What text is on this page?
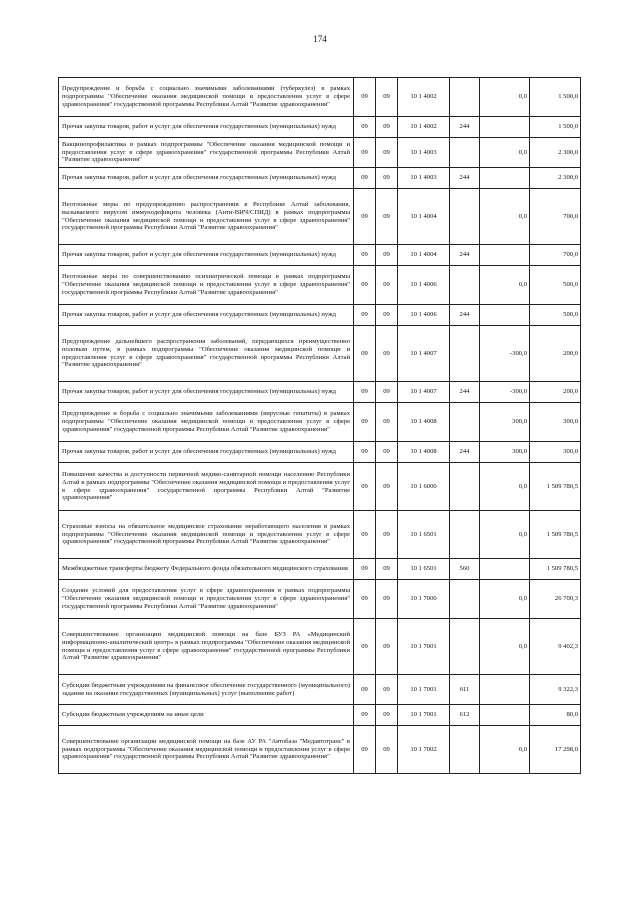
174
Предупреждение и борьба с социально значимыми заболеваниями (туберкулез) в рамках подпрограммы "Обеспечение оказания медицинской помощи и предоставления услуг в сфере здравоохранения" государственной программы Республики Алтай "Развитие здравоохранения"	09	09	10 1 4002		0,0	1 500,0
Прочая закупка товаров, работ и услуг для обеспечения государственных (муниципальных) нужд	09	09	10 1 4002	244		1 500,0
Вакцинопрофилактика в рамках подпрограммы "Обеспечение оказания медицинской помощи и предоставления услуг в сфере здравоохранения" государственной программы Республики Алтай "Развитие здравоохранения"	09	09	10 1 4003		0,0	2 300,0
Прочая закупка товаров, работ и услуг для обеспечения государственных (муниципальных) нужд	09	09	10 1 4003	244		2 300,0
Неотложные меры по предупреждению распространения в Республике Алтай заболевания, вызываемого вирусом иммунодефицита человека (Анти-ВИЧ/СПИД) в рамках подпрограммы "Обеспечение оказания медицинской помощи и предоставления услуг в сфере здравоохранения" государственной программы Республики Алтай "Развитие здравоохранения"	09	09	10 1 4004		0,0	700,0
Прочая закупка товаров, работ и услуг для обеспечения государственных (муниципальных) нужд	09	09	10 1 4004	244		700,0
Неотложные меры по совершенствованию психиатрической помощи в рамках подпрограммы "Обеспечение оказания медицинской помощи и предоставления услуг в сфере здравоохранения" государственной программы Республики Алтай "Развитие здравоохранения"	09	09	10 1 4006		0,0	500,0
Прочая закупка товаров, работ и услуг для обеспечения государственных (муниципальных) нужд	09	09	10 1 4006	244		500,0
Предупреждение дальнейшего распространения заболеваний, передающихся преимущественно половым путем, в рамках подпрограммы "Обеспечение оказания медицинской помощи и предоставления услуг в сфере здравоохранения" государственной программы Республики Алтай "Развитие здравоохранения"	09	09	10 1 4007		-300,0	200,0
Прочая закупка товаров, работ и услуг для обеспечения государственных (муниципальных) нужд	09	09	10 1 4007	244	-300,0	200,0
Предупреждение и борьба с социально значимыми заболеваниями (вирусные гепатиты) в рамках подпрограммы "Обеспечение оказания медицинской помощи и предоставления услуг в сфере здравоохранения" государственной программы Республики Алтай "Развитие здравоохранения"	09	09	10 1 4008		300,0	300,0
Прочая закупка товаров, работ и услуг для обеспечения государственных (муниципальных) нужд	09	09	10 1 4008	244	300,0	300,0
Повышение качества и доступности первичной медико-санитарной помощи населению Республики Алтай в рамках подпрограммы "Обеспечение оказания медицинской помощи и предоставления услуг в сфере здравоохранения" государственной программы Республики Алтай "Развитие здравоохранения"	09	09	10 1 6000		0,0	1 509 780,5
Страховые взносы на обязательное медицинское страхование неработающего населения в рамках подпрограммы "Обеспечение оказания медицинской помощи и предоставления услуг в сфере здравоохранения" государственной программы Республики Алтай "Развитие здравоохранения"	09	09	10 1 6501		0,0	1 509 780,5
Межбюджетные трансферты бюджету Федерального фонда обязательного медицинского страхования	09	09	10 1 6501	560		1 509 780,5
Создание условий для предоставления услуг в сфере здравоохранения в рамках подпрограммы "Обеспечение оказания медицинской помощи и предоставления услуг в сфере здравоохранения" государственной программы Республики Алтай "Развитие здравоохранения"	09	09	10 1 7000		0,0	26 700,3
Совершенствование организации медицинской помощи на базе БУЗ РА «Медицинский информационно-аналитический центр» в рамках подпрограммы "Обеспечение оказания медицинской помощи и предоставления услуг в сфере здравоохранения" государственной программы Республики Алтай "Развитие здравоохранения"	09	09	10 1 7001		0,0	9 402,3
Субсидии бюджетным учреждениям на финансовое обеспечение государственного (муниципального) задания на оказание государственных (муниципальных) услуг (выполнение работ)	09	09	10 1 7001	611		9 322,3
Субсидии бюджетным учреждениям на иные цели	09	09	10 1 7001	612		80,0
Совершенствование организации медицинской помощи на базе АУ РА "Автобаза "Медавтотранс" в рамках подпрограммы "Обеспечение оказания медицинской помощи и предоставления услуг в сфере здравоохранения" государственной программы Республики Алтай "Развитие здравоохранения"	09	09	10 1 7002		0,0	17 298,0
